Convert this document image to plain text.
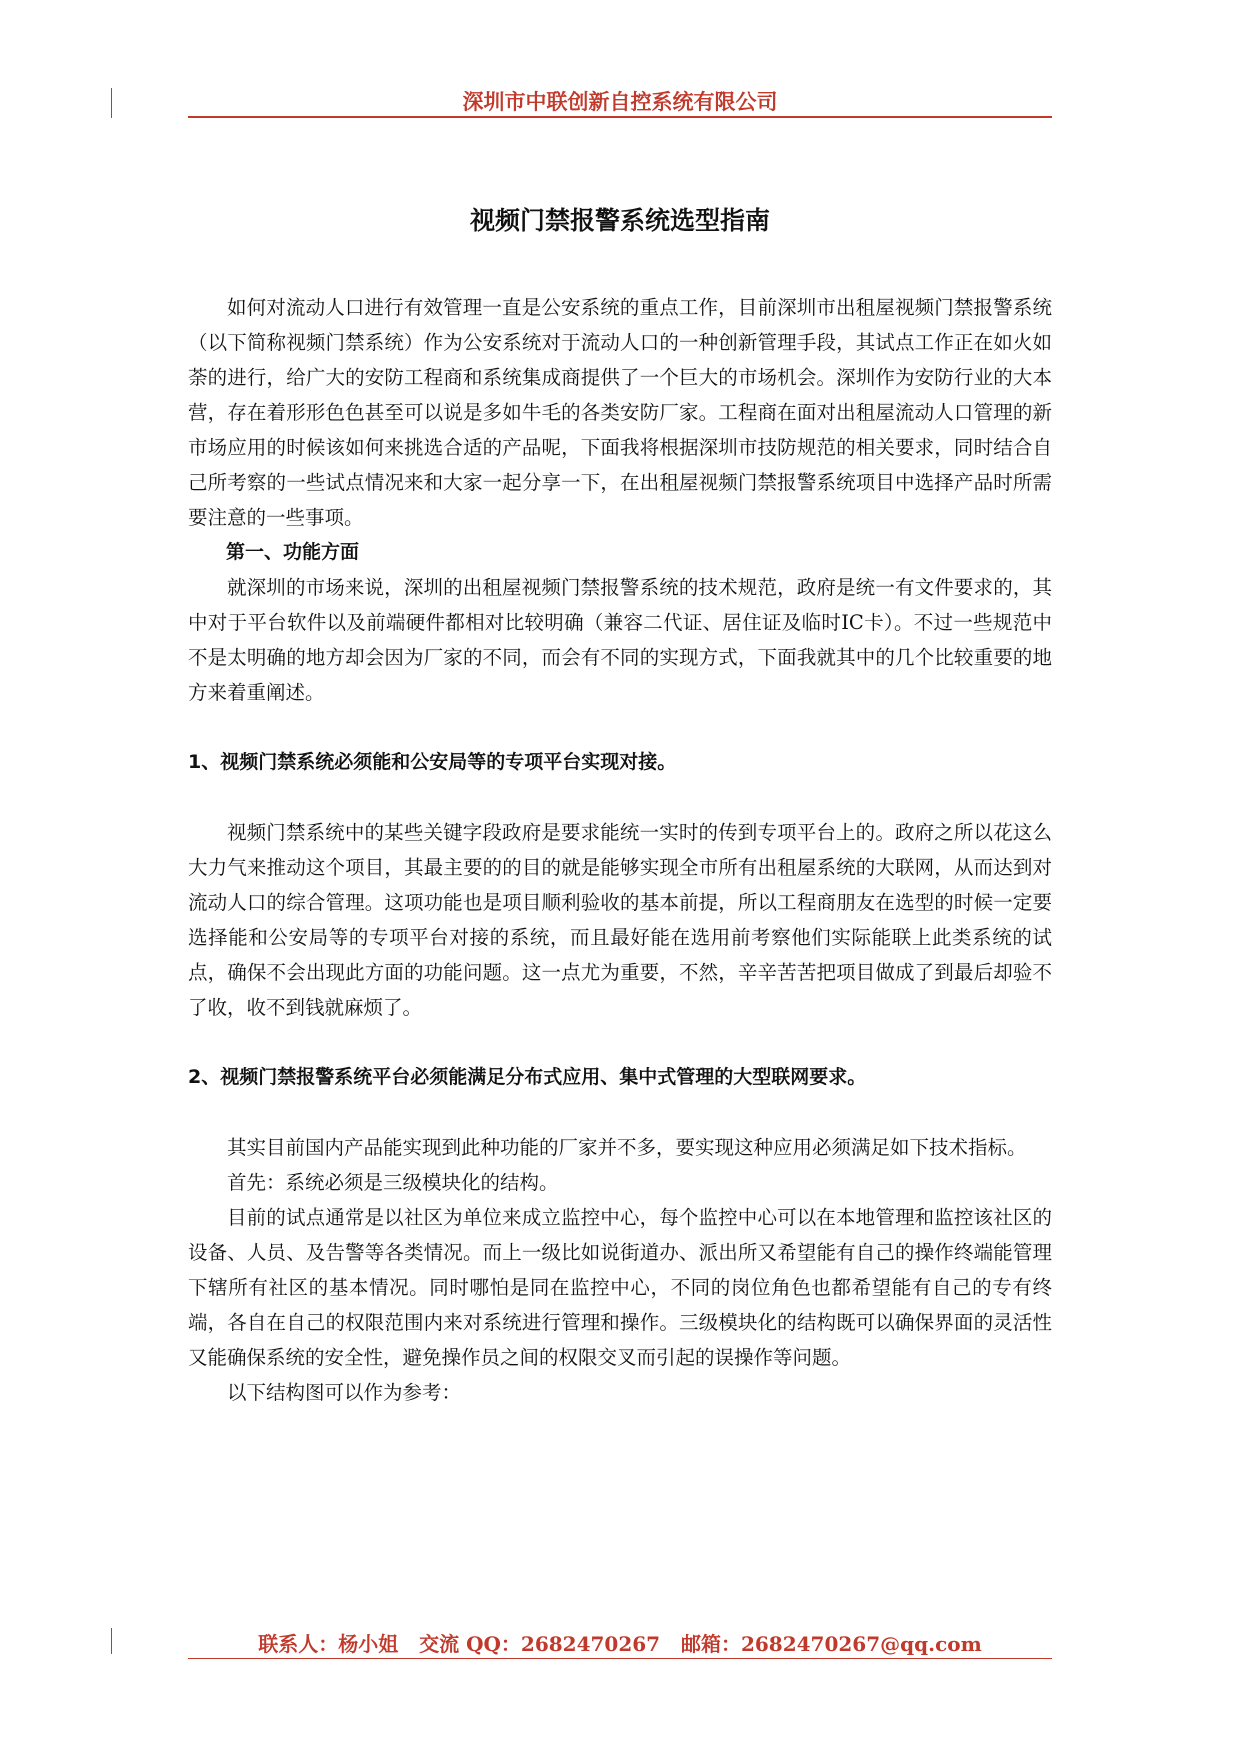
深圳市中联创新自控系统有限公司
视频门禁报警系统选型指南

如何对流动人口进行有效管理一直是公安系统的重点工作，目前深圳市出租屋视频门禁报警系统（以下简称视频门禁系统）作为公安系统对于流动人口的一种创新管理手段，其试点工作正在如火如荼的进行，给广大的安防工程商和系统集成商提供了一个巨大的市场机会。深圳作为安防行业的大本营，存在着形形色色甚至可以说是多如牛毛的各类安防厂家。工程商在面对出租屋流动人口管理的新市场应用的时候该如何来挑选合适的产品呢，下面我将根据深圳市技防规范的相关要求，同时结合自己所考察的一些试点情况来和大家一起分享一下，在出租屋视频门禁报警系统项目中选择产品时所需要注意的一些事项。

第一、功能方面

就深圳的市场来说，深圳的出租屋视频门禁报警系统的技术规范，政府是统一有文件要求的，其中对于平台软件以及前端硬件都相对比较明确（兼容二代证、居住证及临时IC卡）。不过一些规范中不是太明确的地方却会因为厂家的不同，而会有不同的实现方式，下面我就其中的几个比较重要的地方来着重阐述。

1、视频门禁系统必须能和公安局等的专项平台实现对接。

视频门禁系统中的某些关键字段政府是要求能统一实时的传到专项平台上的。政府之所以花这么大力气来推动这个项目，其最主要的的目的就是能够实现全市所有出租屋系统的大联网，从而达到对流动人口的综合管理。这项功能也是项目顺利验收的基本前提，所以工程商朋友在选型的时候一定要选择能和公安局等的专项平台对接的系统，而且最好能在选用前考察他们实际能联上此类系统的试点，确保不会出现此方面的功能问题。这一点尤为重要，不然，辛辛苦苦把项目做成了到最后却验不了收，收不到钱就麻烦了。

2、视频门禁报警系统平台必须能满足分布式应用、集中式管理的大型联网要求。

其实目前国内产品能实现到此种功能的厂家并不多，要实现这种应用必须满足如下技术指标。

首先：系统必须是三级模块化的结构。

目前的试点通常是以社区为单位来成立监控中心，每个监控中心可以在本地管理和监控该社区的设备、人员、及告警等各类情况。而上一级比如说街道办、派出所又希望能有自己的操作终端能管理下辖所有社区的基本情况。同时哪怕是同在监控中心，不同的岗位角色也都希望能有自己的专有终端，各自在自己的权限范围内来对系统进行管理和操作。三级模块化的结构既可以确保界面的灵活性又能确保系统的安全性，避免操作员之间的权限交叉而引起的误操作等问题。

以下结构图可以作为参考：

联系人：杨小姐   交流 QQ：2682470267   邮箱：2682470267@qq.com
